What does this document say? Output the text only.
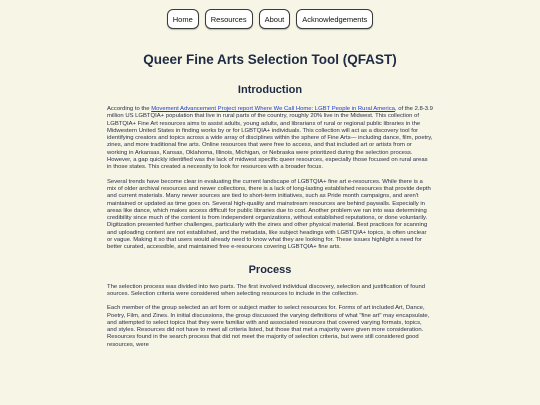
Home	Resources	About	Acknowledgements
Queer Fine Arts Selection Tool (QFAST)
Introduction

According to the Movement Advancement Project report Where We Call Home: LGBT People in Rural America, of the 2.8-3.9 million US LGBTQIA+ population that live in rural parts of the country, roughly 20% live in the Midwest. This collection of LGBTQIA+ Fine Art resources aims to assist adults, young adults, and librarians of rural or regional public libraries in the Midwestern United States in finding works by or for LGBTQIA+ individuals. This collection will act as a discovery tool for identifying creators and topics across a wide array of disciplines within the sphere of Fine Arts— including dance, film, poetry, zines, and more traditional fine arts. Online resources that were free to access, and that included art or artists from or working in Arkansas, Kansas, Oklahoma, Illinois, Michigan, or Nebraska were prioritized during the selection process. However, a gap quickly identified was the lack of midwest specific queer resources, especially those focused on rural areas in those states. This created a necessity to look for resources with a broader focus.

Several trends have become clear in evaluating the current landscape of LGBTQIA+ fine art e-resources. While there is a mix of older archival resources and newer collections, there is a lack of long-lasting established resources that provide depth and current materials. Many newer sources are tied to short-term initiatives, such as Pride month campaigns, and aren't maintained or updated as time goes on. Several high-quality and mainstream resources are behind paywalls. Especially in areas like dance, which makes access difficult for public libraries due to cost. Another problem we ran into was determining credibility since much of the content is from independent organizations, without established reputations, or done voluntarily. Digitization presented further challenges, particularly with the zines and other physical material. Best practices for scanning and uploading content are not established, and the metadata, like subject headings with LGBTQIA+ topics, is often unclear or vague. Making it so that users would already need to know what they are looking for. These issues highlight a need for better curated, accessible, and maintained free e-resources covering LGBTQIA+ fine arts.

Process

The selection process was divided into two parts. The first involved individual discovery, selection and justification of found sources. Selection criteria were considered when selecting resources to include in the collection.

Each member of the group selected an art form or subject matter to select resources for. Forms of art included Art, Dance, Poetry, Film, and Zines. In initial discussions, the group discussed the varying definitions of what "fine art" may encapsulate, and attempted to select topics that they were familiar with and associated resources that covered varying formats, topics, and styles. Resources did not have to meet all criteria listed, but those that met a majority were given more consideration. Resources found in the search process that did not meet the majority of selection criteria, but were still considered good resources, were
